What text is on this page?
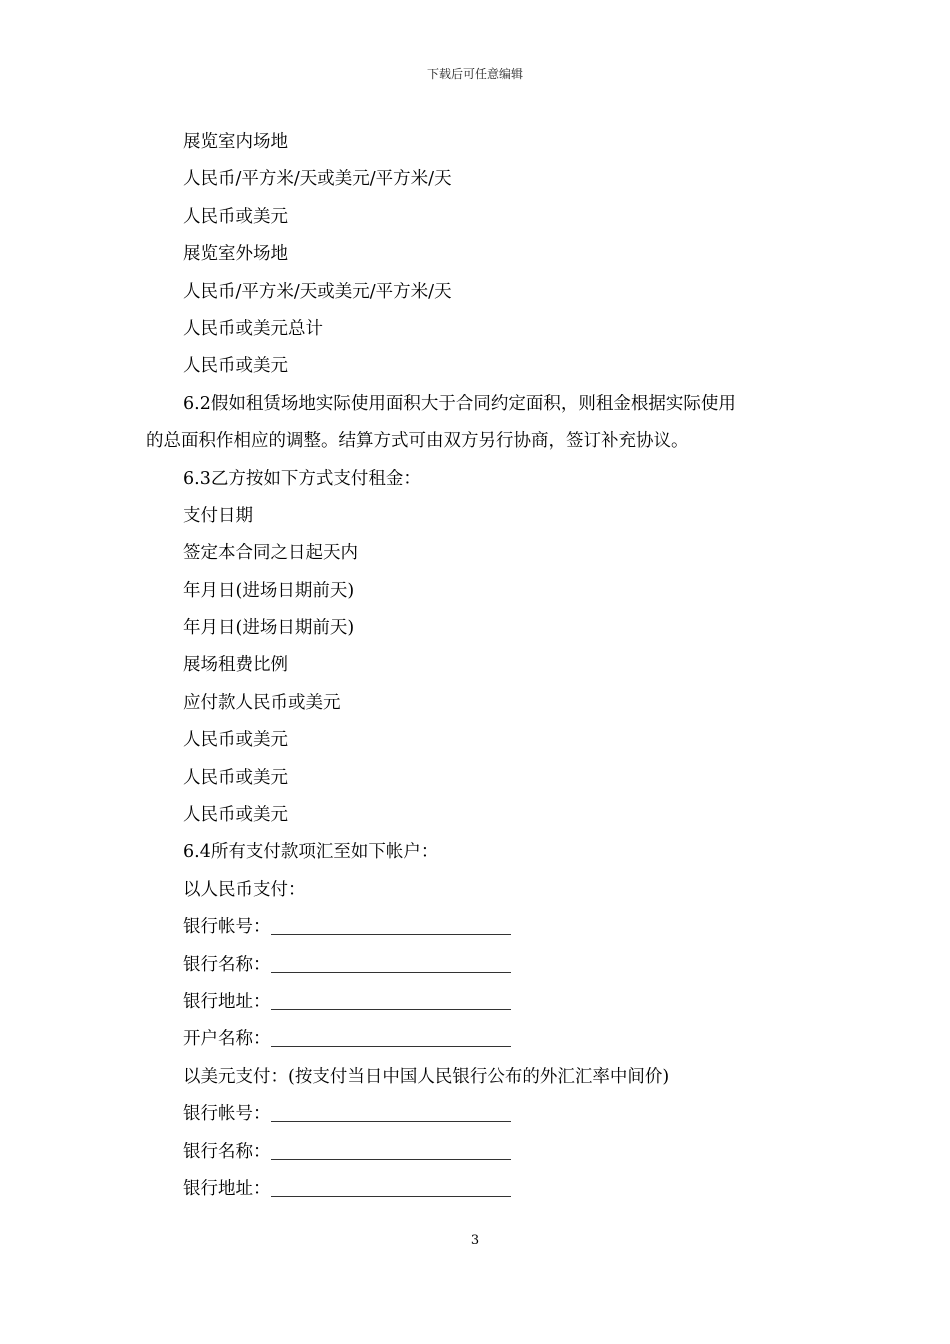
下载后可任意编辑
展览室内场地
人民币/平方米/天或美元/平方米/天
人民币或美元
展览室外场地
人民币/平方米/天或美元/平方米/天
人民币或美元总计
人民币或美元
6.2假如租赁场地实际使用面积大于合同约定面积，则租金根据实际使用
的总面积作相应的调整。结算方式可由双方另行协商，签订补充协议。
6.3乙方按如下方式支付租金：
支付日期
签定本合同之日起天内
年月日(进场日期前天)
年月日(进场日期前天)
展场租费比例
应付款人民币或美元
人民币或美元
人民币或美元
人民币或美元
6.4所有支付款项汇至如下帐户：
以人民币支付：
银行帐号：
银行名称：
银行地址：
开户名称：
以美元支付：(按支付当日中国人民银行公布的外汇汇率中间价)
银行帐号：
银行名称：
银行地址：
3
